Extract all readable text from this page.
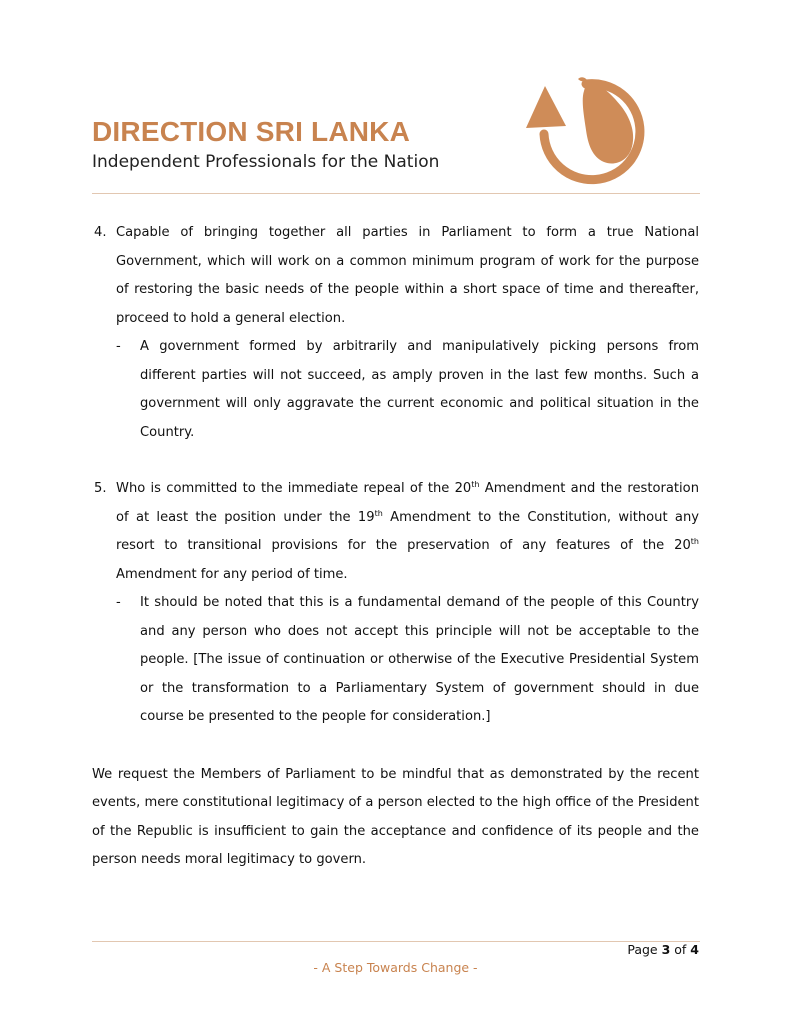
DIRECTION SRI LANKA
Independent Professionals for the Nation
4. Capable of bringing together all parties in Parliament to form a true National Government, which will work on a common minimum program of work for the purpose of restoring the basic needs of the people within a short space of time and thereafter, proceed to hold a general election.
- A government formed by arbitrarily and manipulatively picking persons from different parties will not succeed, as amply proven in the last few months. Such a government will only aggravate the current economic and political situation in the Country.
5. Who is committed to the immediate repeal of the 20th Amendment and the restoration of at least the position under the 19th Amendment to the Constitution, without any resort to transitional provisions for the preservation of any features of the 20th Amendment for any period of time.
- It should be noted that this is a fundamental demand of the people of this Country and any person who does not accept this principle will not be acceptable to the people. [The issue of continuation or otherwise of the Executive Presidential System or the transformation to a Parliamentary System of government should in due course be presented to the people for consideration.]
We request the Members of Parliament to be mindful that as demonstrated by the recent events, mere constitutional legitimacy of a person elected to the high office of the President of the Republic is insufficient to gain the acceptance and confidence of its people and the person needs moral legitimacy to govern.
Page 3 of 4
- A Step Towards Change -
